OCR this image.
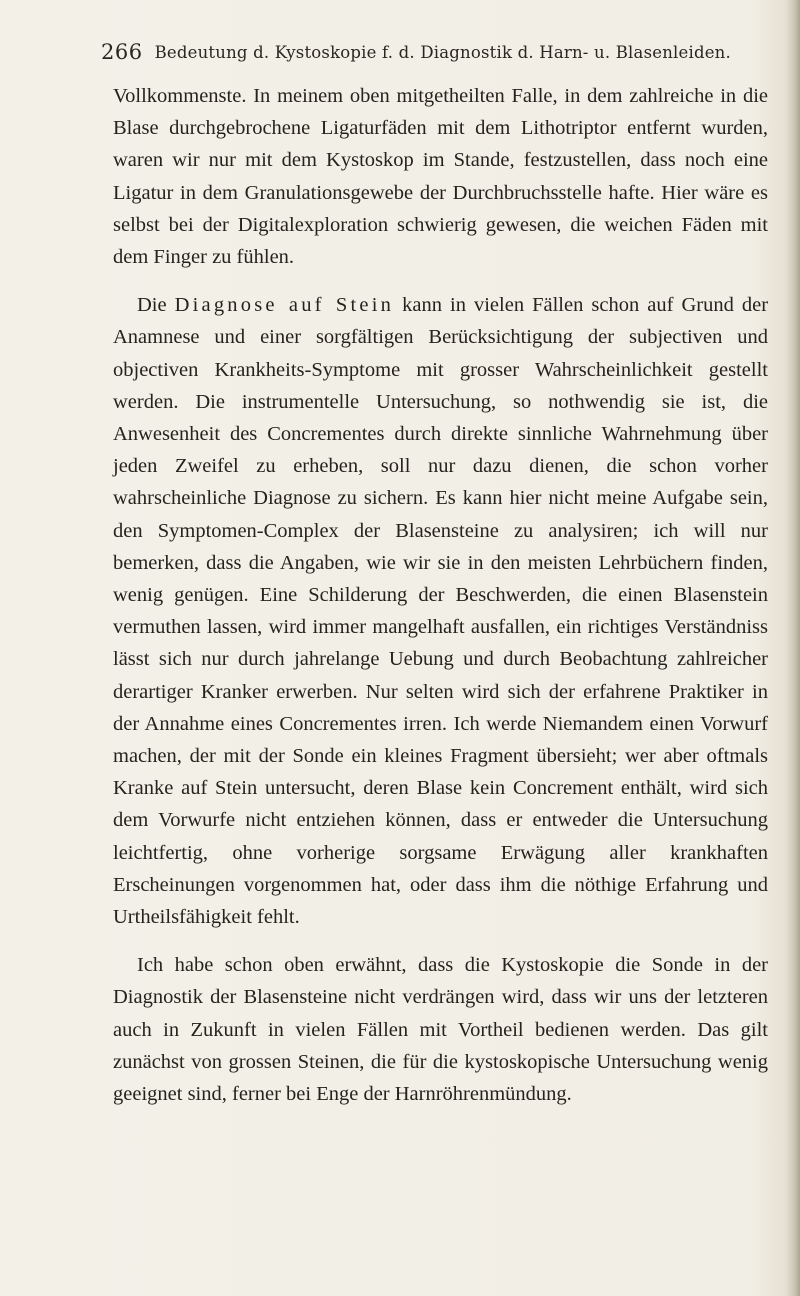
266 Bedeutung d. Kystoskopie f. d. Diagnostik d. Harn- u. Blasenleiden.

Vollkommenste. In meinem oben mitgetheilten Falle, in dem zahlreiche in die Blase durchgebrochene Ligaturfäden mit dem Lithotriptor entfernt wurden, waren wir nur mit dem Kystoskop im Stande, festzustellen, dass noch eine Ligatur in dem Granulationsgewebe der Durchbruchsstelle hafte. Hier wäre es selbst bei der Digitalexploration schwierig gewesen, die weichen Fäden mit dem Finger zu fühlen.

Die Diagnose auf Stein kann in vielen Fällen schon auf Grund der Anamnese und einer sorgfältigen Berücksichtigung der subjectiven und objectiven Krankheits-Symptome mit grosser Wahrscheinlichkeit gestellt werden. Die instrumentelle Untersuchung, so nothwendig sie ist, die Anwesenheit des Concrementes durch direkte sinnliche Wahrnehmung über jeden Zweifel zu erheben, soll nur dazu dienen, die schon vorher wahrscheinliche Diagnose zu sichern. Es kann hier nicht meine Aufgabe sein, den Symptomen-Complex der Blasensteine zu analysiren; ich will nur bemerken, dass die Angaben, wie wir sie in den meisten Lehrbüchern finden, wenig genügen. Eine Schilderung der Beschwerden, die einen Blasenstein vermuthen lassen, wird immer mangelhaft ausfallen, ein richtiges Verständniss lässt sich nur durch jahrelange Uebung und durch Beobachtung zahlreicher derartiger Kranker erwerben. Nur selten wird sich der erfahrene Praktiker in der Annahme eines Concrementes irren. Ich werde Niemandem einen Vorwurf machen, der mit der Sonde ein kleines Fragment übersieht; wer aber oftmals Kranke auf Stein untersucht, deren Blase kein Concrement enthält, wird sich dem Vorwurfe nicht entziehen können, dass er entweder die Untersuchung leichtfertig, ohne vorherige sorgsame Erwägung aller krankhaften Erscheinungen vorgenommen hat, oder dass ihm die nöthige Erfahrung und Urtheilsfähigkeit fehlt.

Ich habe schon oben erwähnt, dass die Kystoskopie die Sonde in der Diagnostik der Blasensteine nicht verdrängen wird, dass wir uns der letzteren auch in Zukunft in vielen Fällen mit Vortheil bedienen werden. Das gilt zunächst von grossen Steinen, die für die kystoskopische Untersuchung wenig geeignet sind, ferner bei Enge der Harnröhrenmündung.
